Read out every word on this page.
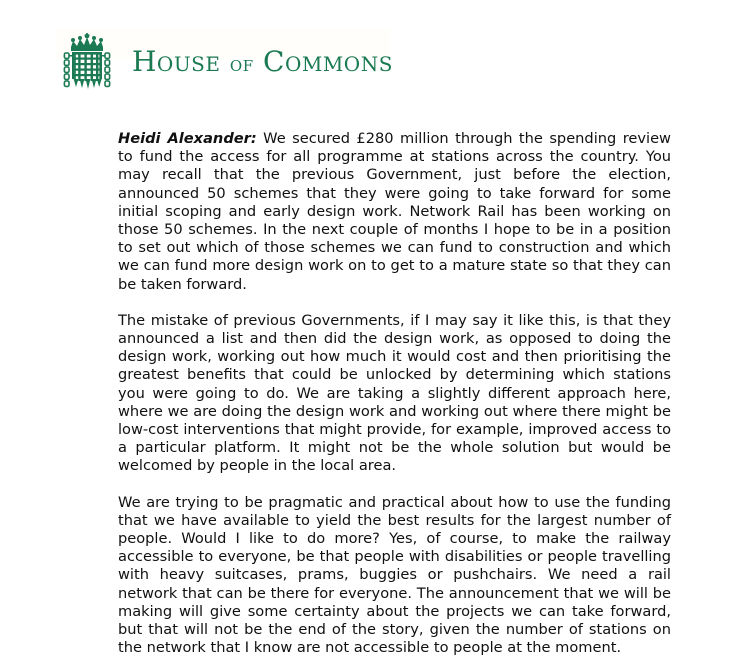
House of Commons

Heidi Alexander: We secured £280 million through the spending review to fund the access for all programme at stations across the country. You may recall that the previous Government, just before the election, announced 50 schemes that they were going to take forward for some initial scoping and early design work. Network Rail has been working on those 50 schemes. In the next couple of months I hope to be in a position to set out which of those schemes we can fund to construction and which we can fund more design work on to get to a mature state so that they can be taken forward.

The mistake of previous Governments, if I may say it like this, is that they announced a list and then did the design work, as opposed to doing the design work, working out how much it would cost and then prioritising the greatest benefits that could be unlocked by determining which stations you were going to do. We are taking a slightly different approach here, where we are doing the design work and working out where there might be low-cost interventions that might provide, for example, improved access to a particular platform. It might not be the whole solution but would be welcomed by people in the local area.

We are trying to be pragmatic and practical about how to use the funding that we have available to yield the best results for the largest number of people. Would I like to do more? Yes, of course, to make the railway accessible to everyone, be that people with disabilities or people travelling with heavy suitcases, prams, buggies or pushchairs. We need a rail network that can be there for everyone. The announcement that we will be making will give some certainty about the projects we can take forward, but that will not be the end of the story, given the number of stations on the network that I know are not accessible to people at the moment.
